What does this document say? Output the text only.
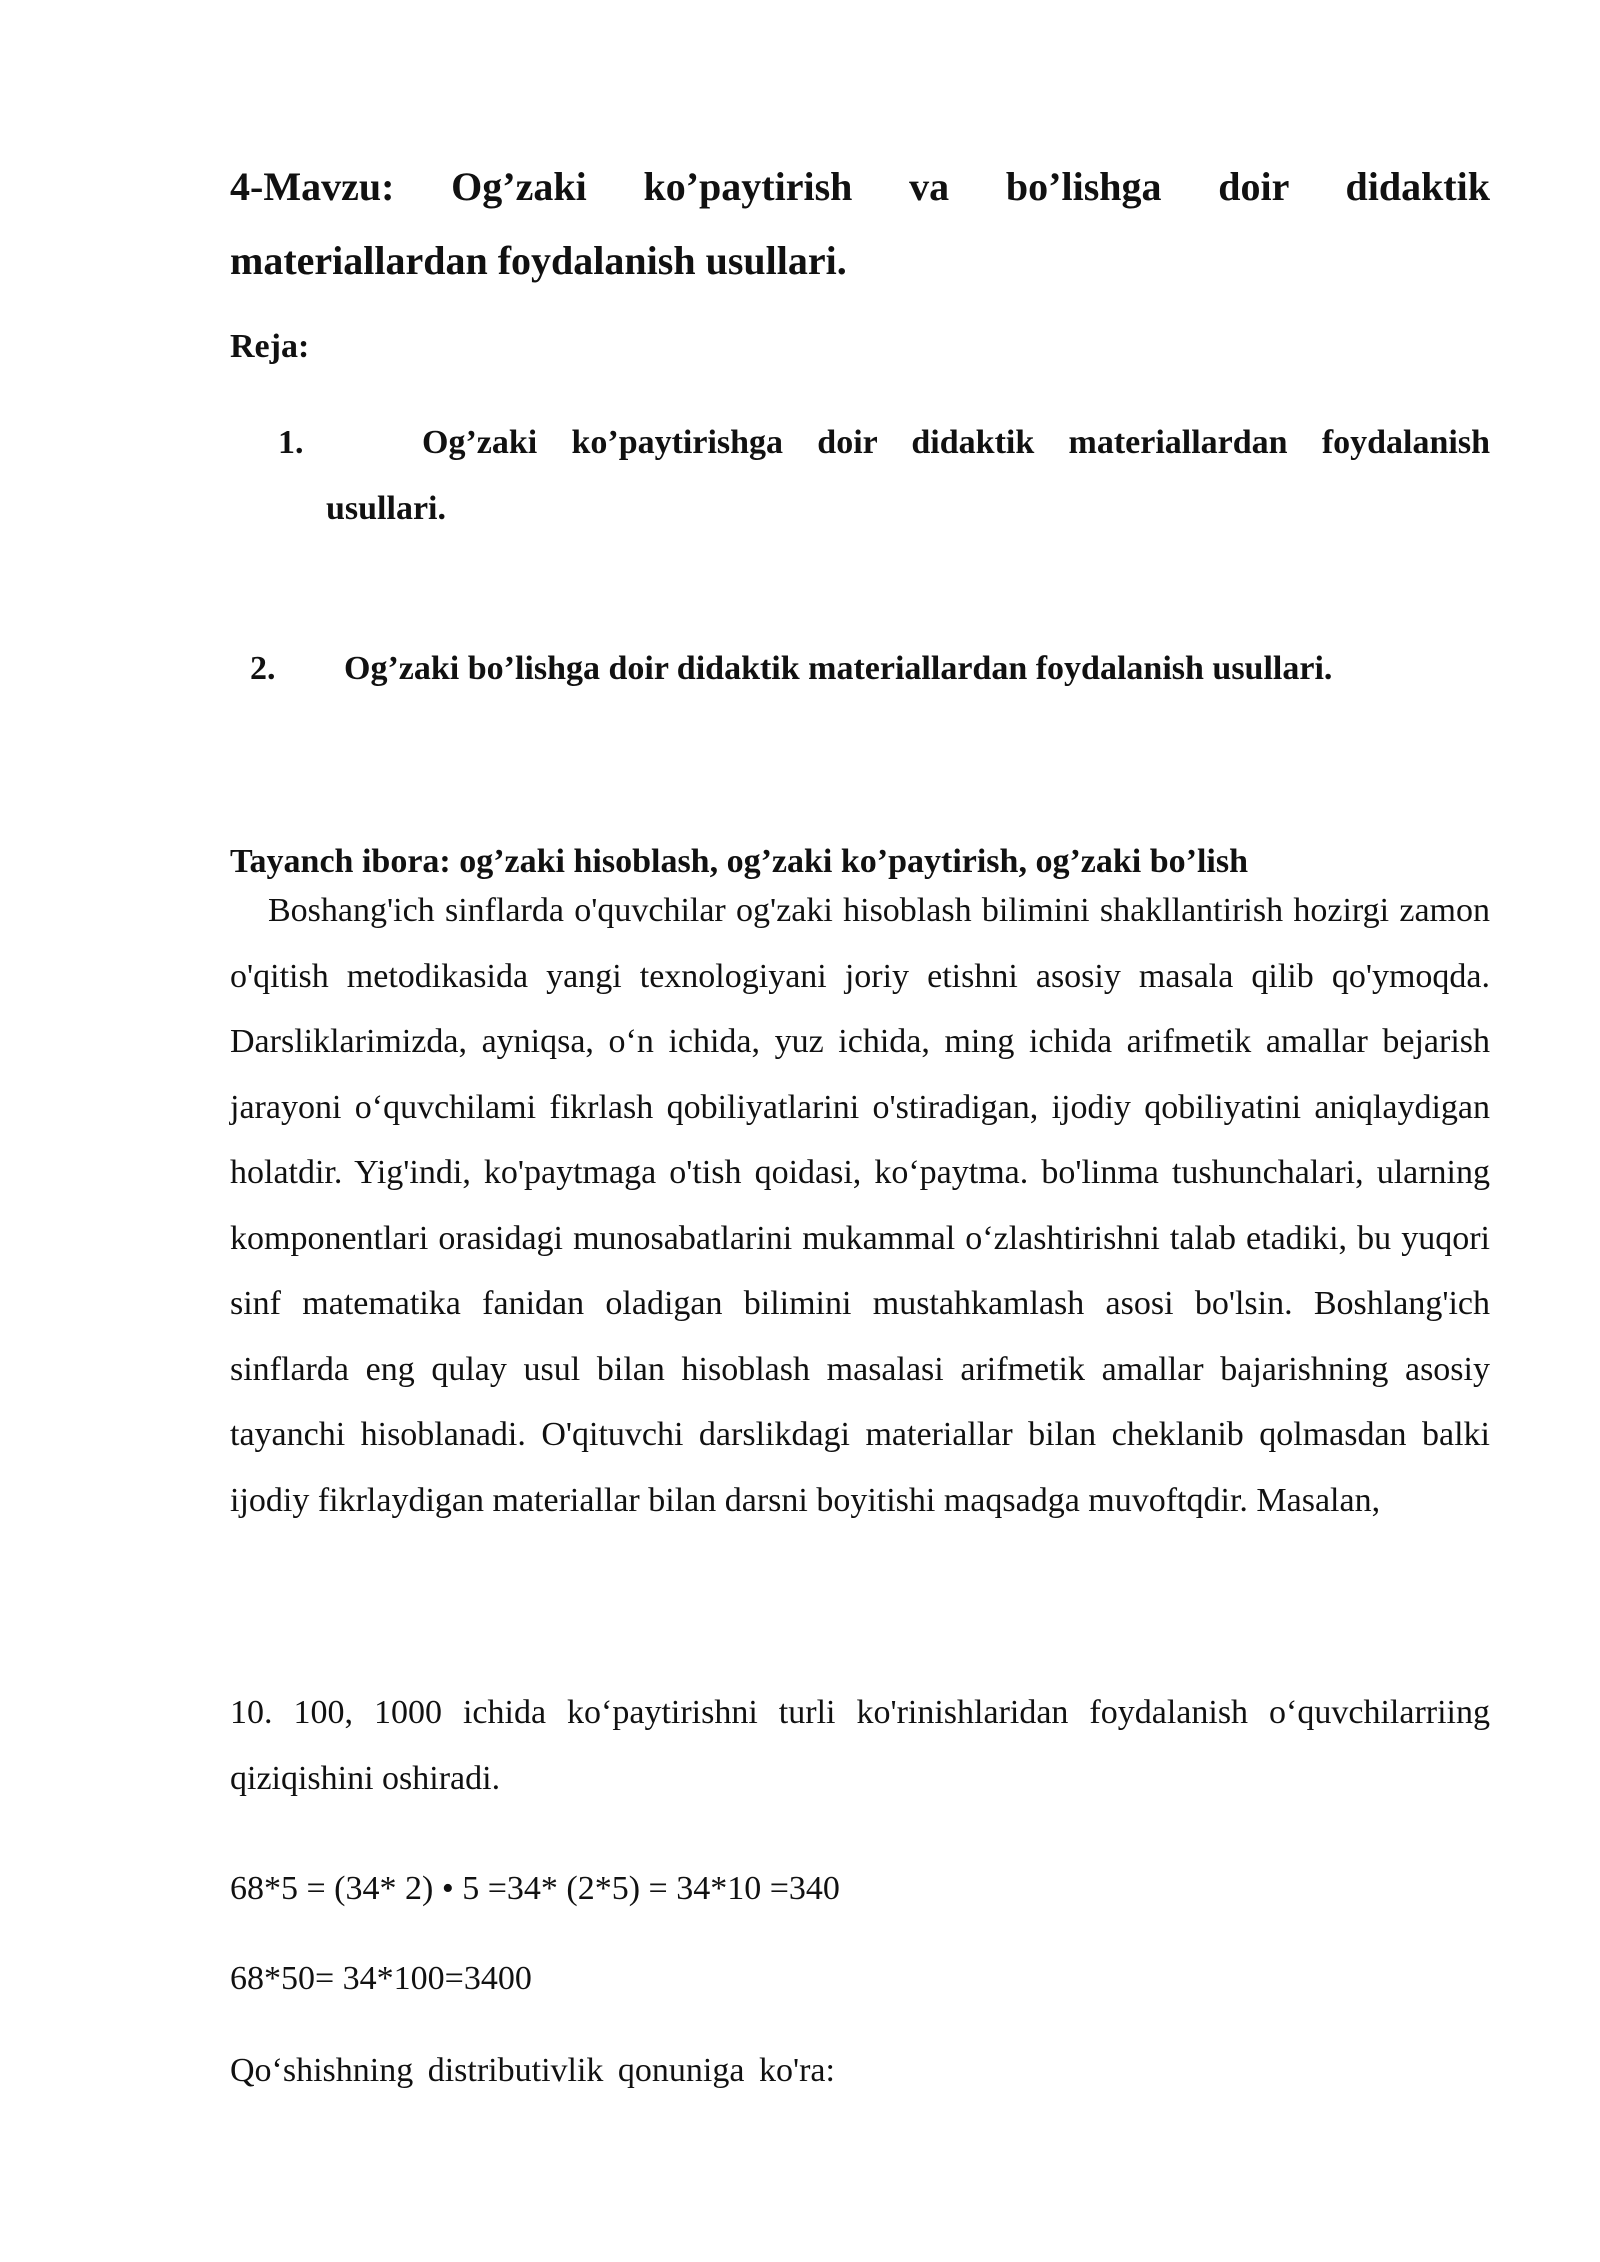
4-Mavzu: Og’zaki ko’paytirish va bo’lishga doir didaktik
materiallardan foydalanish usullari.

Reja:

1.	Og’zaki ko’paytirishga doir didaktik materiallardan foydalanish
usullari.
2. Og’zaki bo’lishga doir didaktik materiallardan foydalanish usullari.

Tayanch ibora: og’zaki hisoblash, og’zaki ko’paytirish, og’zaki bo’lish

Boshang'ich sinflarda o'quvchilar og'zaki hisoblash bilimini shakllantirish hozirgi zamon o'qitish metodikasida yangi texnologiyani joriy etishni asosiy masala qilib qo'ymoqda. Darsliklarimizda, ayniqsa, o‘n ichida, yuz ichida, ming ichida arifmetik amallar bejarish jarayoni o‘quvchilami fikrlash qobiliyatlarini o'stiradigan, ijodiy qobiliyatini aniqlaydigan holatdir. Yig'indi, ko'paytmaga o'tish qoidasi, ko‘paytma. bo'linma tushunchalari, ularning komponentlari orasidagi munosabatlarini mukammal o‘zlashtirishni talab etadiki, bu yuqori sinf matematika fanidan oladigan bilimini mustahkamlash asosi bo'lsin. Boshlang'ich sinflarda eng qulay usul bilan hisoblash masalasi arifmetik amallar bajarishning asosiy tayanchi hisoblanadi. O'qituvchi darslikdagi materiallar bilan cheklanib qolmasdan balki ijodiy fikrlaydigan materiallar bilan darsni boyitishi maqsadga muvoftqdir. Masalan,

10. 100, 1000 ichida ko‘paytirishni turli ko'rinishlaridan foydalanish o‘quvchilarriing qiziqishini oshiradi.

68*5 = (34* 2) • 5 =34* (2*5) = 34*10 =340

68*50= 34*100=3400

Qo‘shishning distributivlik qonuniga ko'ra:
